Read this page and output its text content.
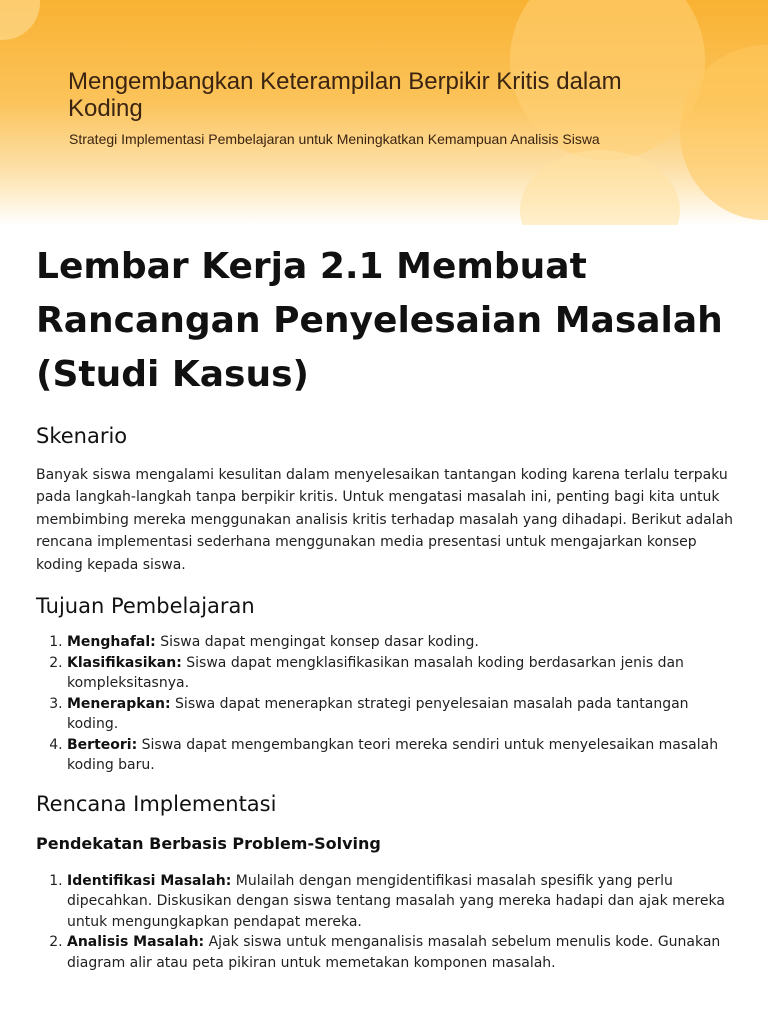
Mengembangkan Keterampilan Berpikir Kritis dalam Koding

Strategi Implementasi Pembelajaran untuk Meningkatkan Kemampuan Analisis Siswa

Lembar Kerja 2.1 Membuat Rancangan Penyelesaian Masalah (Studi Kasus)
Skenario

Banyak siswa mengalami kesulitan dalam menyelesaikan tantangan koding karena terlalu terpaku pada langkah-langkah tanpa berpikir kritis. Untuk mengatasi masalah ini, penting bagi kita untuk membimbing mereka menggunakan analisis kritis terhadap masalah yang dihadapi. Berikut adalah rencana implementasi sederhana menggunakan media presentasi untuk mengajarkan konsep koding kepada siswa.

Tujuan Pembelajaran
1. Menghafal: Siswa dapat mengingat konsep dasar koding.
2. Klasifikasikan: Siswa dapat mengklasifikasikan masalah koding berdasarkan jenis dan kompleksitasnya.
3. Menerapkan: Siswa dapat menerapkan strategi penyelesaian masalah pada tantangan koding.
4. Berteori: Siswa dapat mengembangkan teori mereka sendiri untuk menyelesaikan masalah koding baru.
Rencana Implementasi
Pendekatan Berbasis Problem-Solving
1. Identifikasi Masalah: Mulailah dengan mengidentifikasi masalah spesifik yang perlu dipecahkan. Diskusikan dengan siswa tentang masalah yang mereka hadapi dan ajak mereka untuk mengungkapkan pendapat mereka.
2. Analisis Masalah: Ajak siswa untuk menganalisis masalah sebelum menulis kode. Gunakan diagram alir atau peta pikiran untuk memetakan komponen masalah.
